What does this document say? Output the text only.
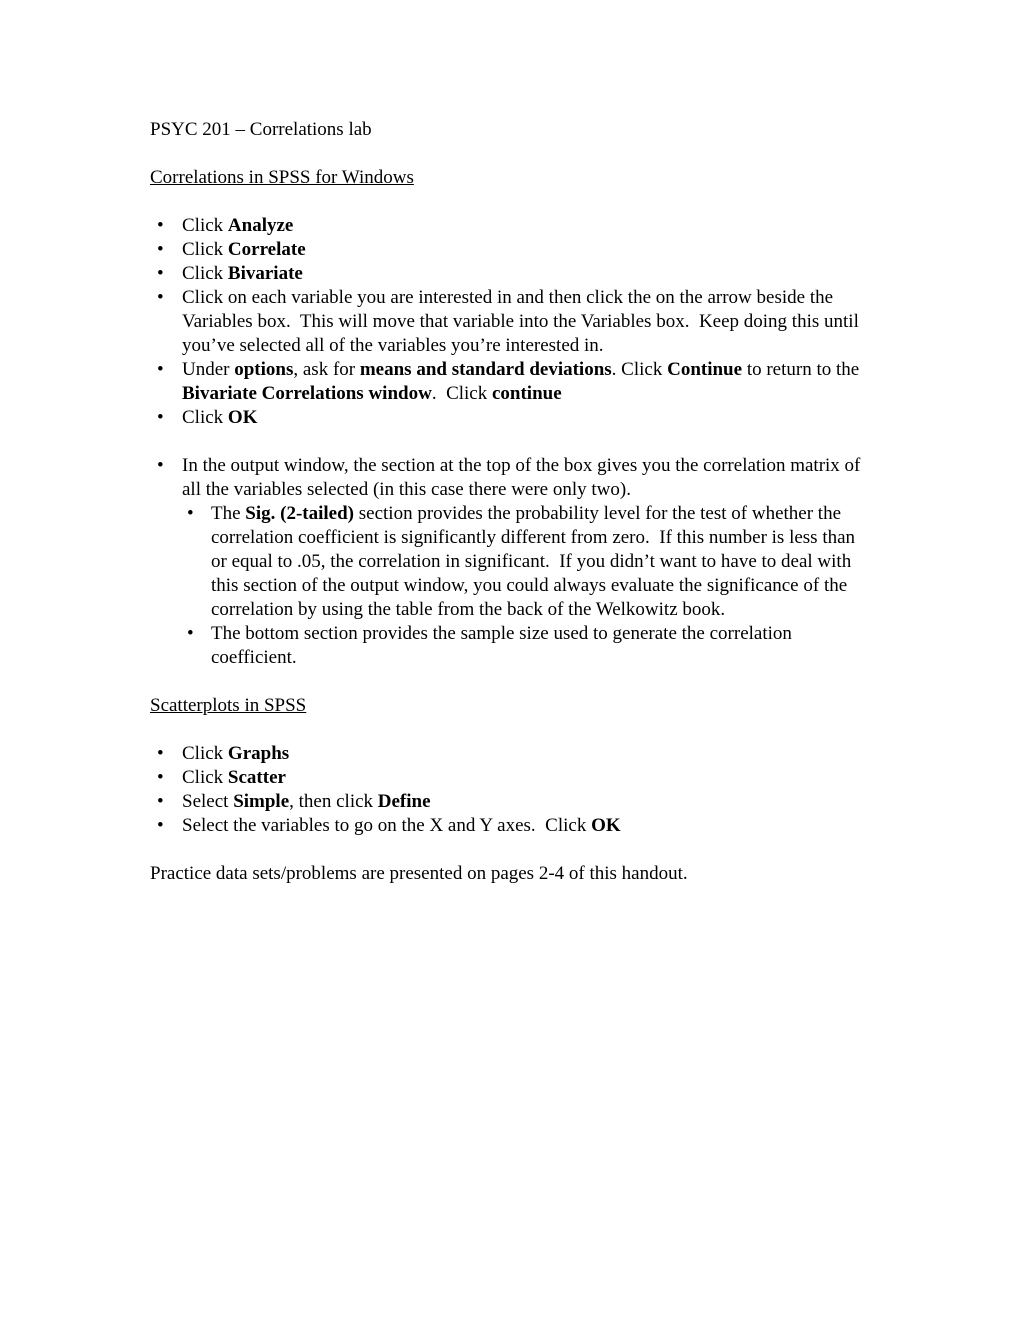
PSYC 201 – Correlations lab
Correlations in SPSS for Windows
• Click Analyze
• Click Correlate
• Click Bivariate
• Click on each variable you are interested in and then click the on the arrow beside the Variables box.  This will move that variable into the Variables box.  Keep doing this until you’ve selected all of the variables you’re interested in.
• Under options, ask for means and standard deviations. Click Continue to return to the Bivariate Correlations window.  Click continue
• Click OK
• In the output window, the section at the top of the box gives you the correlation matrix of all the variables selected (in this case there were only two).
• The Sig. (2-tailed) section provides the probability level for the test of whether the correlation coefficient is significantly different from zero.  If this number is less than or equal to .05, the correlation in significant.  If you didn’t want to have to deal with this section of the output window, you could always evaluate the significance of the correlation by using the table from the back of the Welkowitz book.
• The bottom section provides the sample size used to generate the correlation coefficient.
Scatterplots in SPSS
• Click Graphs
• Click Scatter
• Select Simple, then click Define
• Select the variables to go on the X and Y axes.  Click OK
Practice data sets/problems are presented on pages 2-4 of this handout.
